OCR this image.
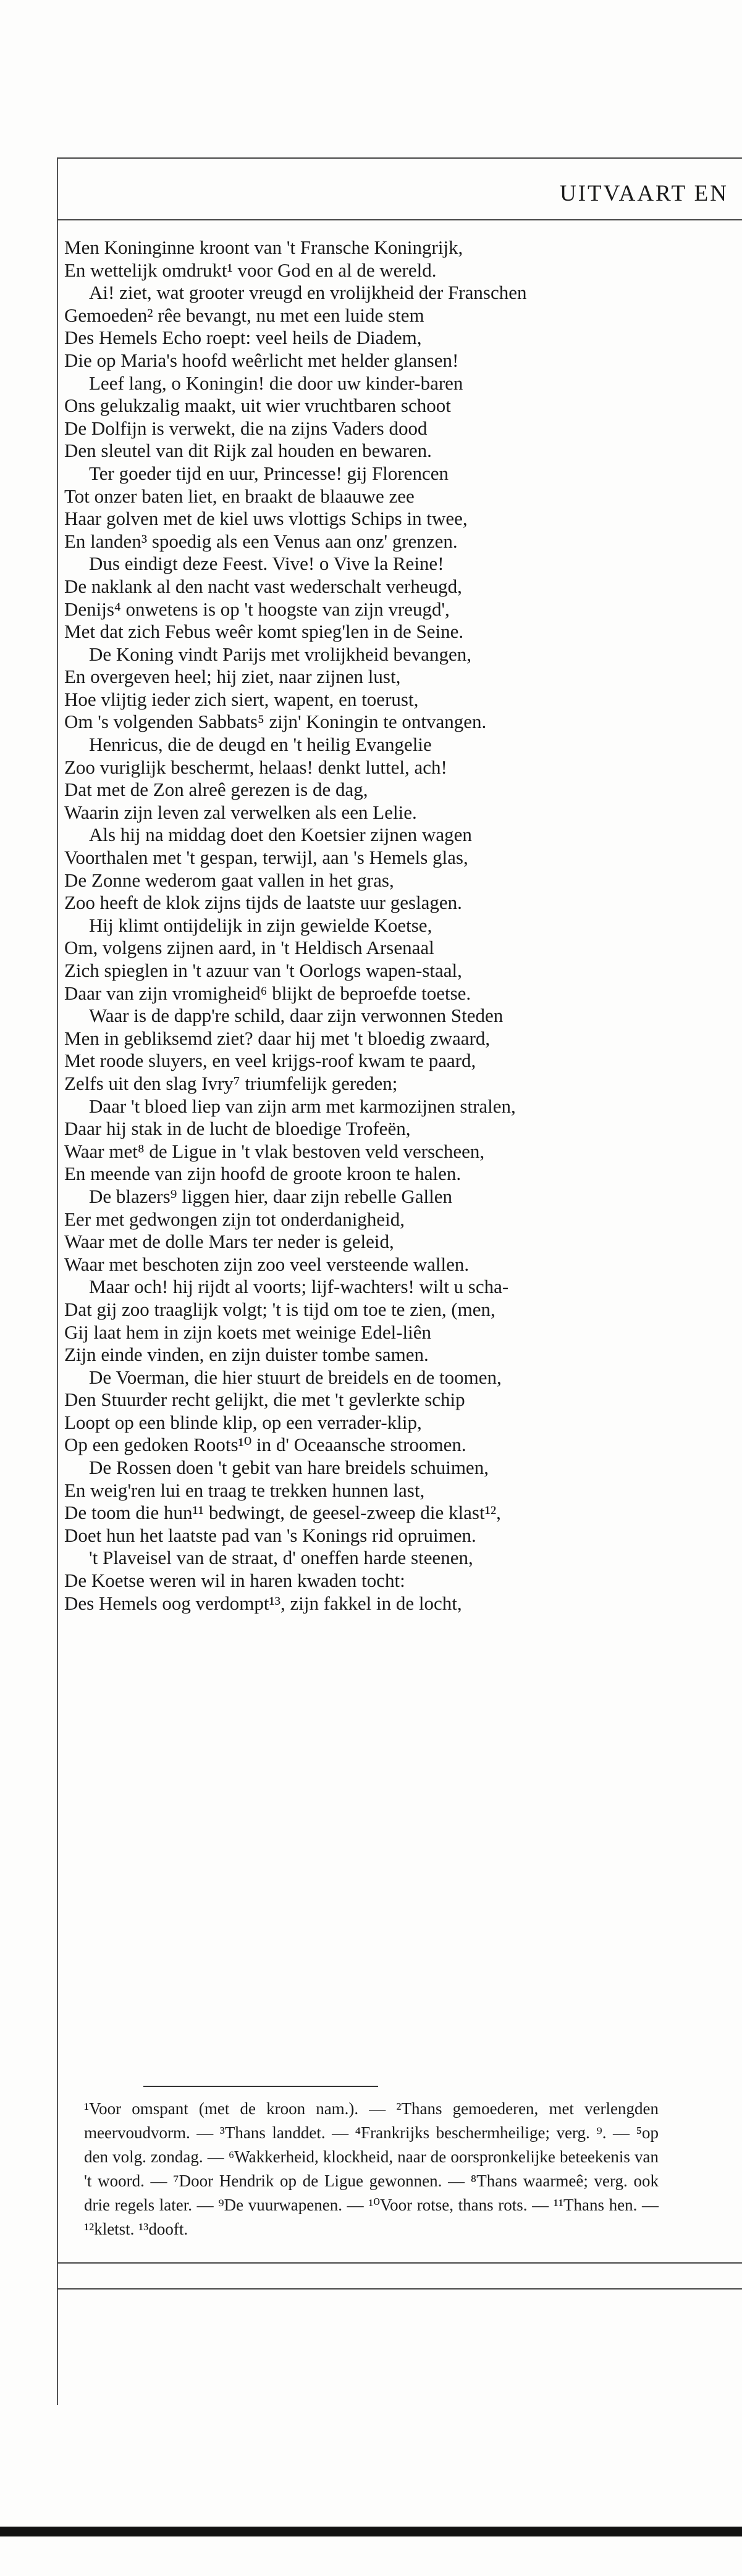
UITVAART EN
Men Koninginne kroont van 't Fransche Koningrijk,
En wettelijk omdrukt¹ voor God en al de wereld.
Ai! ziet, wat grooter vreugd en vrolijkheid der Franschen
Gemoeden² rêe bevangt, nu met een luide stem
Des Hemels Echo roept: veel heils de Diadem,
Die op Maria's hoofd weêrlicht met helder glansen!
Leef lang, o Koningin! die door uw kinder-baren
Ons gelukzalig maakt, uit wier vruchtbaren schoot
De Dolfijn is verwekt, die na zijns Vaders dood
Den sleutel van dit Rijk zal houden en bewaren.
Ter goeder tijd en uur, Princesse! gij Florencen
Tot onzer baten liet, en braakt de blaauwe zee
Haar golven met de kiel uws vlottigs Schips in twee,
En landen³ spoedig als een Venus aan onz' grenzen.
Dus eindigt deze Feest. Vive! o Vive la Reine!
De naklank al den nacht vast wederschalt verheugd,
Denijs⁴ onwetens is op 't hoogste van zijn vreugd',
Met dat zich Febus weêr komt spieg'len in de Seine.
De Koning vindt Parijs met vrolijkheid bevangen,
En overgeven heel; hij ziet, naar zijnen lust,
Hoe vlijtig ieder zich siert, wapent, en toerust,
Om 's volgenden Sabbats⁵ zijn' Koningin te ontvangen.
Henricus, die de deugd en 't heilig Evangelie
Zoo vuriglijk beschermt, helaas! denkt luttel, ach!
Dat met de Zon alreê gerezen is de dag,
Waarin zijn leven zal verwelken als een Lelie.
Als hij na middag doet den Koetsier zijnen wagen
Voorthalen met 't gespan, terwijl, aan 's Hemels glas,
De Zonne wederom gaat vallen in het gras,
Zoo heeft de klok zijns tijds de laatste uur geslagen.
Hij klimt ontijdelijk in zijn gewielde Koetse,
Om, volgens zijnen aard, in 't Heldisch Arsenaal
Zich spieglen in 't azuur van 't Oorlogs wapen-staal,
Daar van zijn vromigheid⁶ blijkt de beproefde toetse.
Waar is de dapp're schild, daar zijn verwonnen Steden
Men in gebliksemd ziet? daar hij met 't bloedig zwaard,
Met roode sluyers, en veel krijgs-roof kwam te paard,
Zelfs uit den slag Ivry⁷ triumfelijk gereden;
Daar 't bloed liep van zijn arm met karmozijnen stralen,
Daar hij stak in de lucht de bloedige Trofeën,
Waar met⁸ de Ligue in 't vlak bestoven veld verscheen,
En meende van zijn hoofd de groote kroon te halen.
De blazers⁹ liggen hier, daar zijn rebelle Gallen
Eer met gedwongen zijn tot onderdanigheid,
Waar met de dolle Mars ter neder is geleid,
Waar met beschoten zijn zoo veel versteende wallen.
Maar och! hij rijdt al voorts; lijf-wachters! wilt u scha-
Dat gij zoo traaglijk volgt; 't is tijd om toe te zien, (men,
Gij laat hem in zijn koets met weinige Edel-liên
Zijn einde vinden, en zijn duister tombe samen.
De Voerman, die hier stuurt de breidels en de toomen,
Den Stuurder recht gelijkt, die met 't gevlerkte schip
Loopt op een blinde klip, op een verrader-klip,
Op een gedoken Roots¹⁰ in d' Oceaansche stroomen.
De Rossen doen 't gebit van hare breidels schuimen,
En weig'ren lui en traag te trekken hunnen last,
De toom die hun¹¹ bedwingt, de geesel-zweep die klast¹²,
Doet hun het laatste pad van 's Konings rid opruimen.
't Plaveisel van de straat, d' oneffen harde steenen,
De Koetse weren wil in haren kwaden tocht:
Des Hemels oog verdompt¹³, zijn fakkel in de locht,

¹Voor omspant (met de kroon nam.). — ²Thans gemoederen, met verlengden meervoudvorm. — ³Thans landdet. — ⁴Frankrijks beschermheilige; verg. ⁹. — ⁵op den volg. zondag. — ⁶Wakkerheid, klockheid, naar de oorspronkelijke beteekenis van 't woord. — ⁷Door Hendrik op de Ligue gewonnen. — ⁸Thans waarmeê; verg. ook drie regels later. — ⁹De vuurwapenen. — ¹⁰Voor rotse, thans rots. — ¹¹Thans hen. — ¹²kletst. ¹³dooft.
